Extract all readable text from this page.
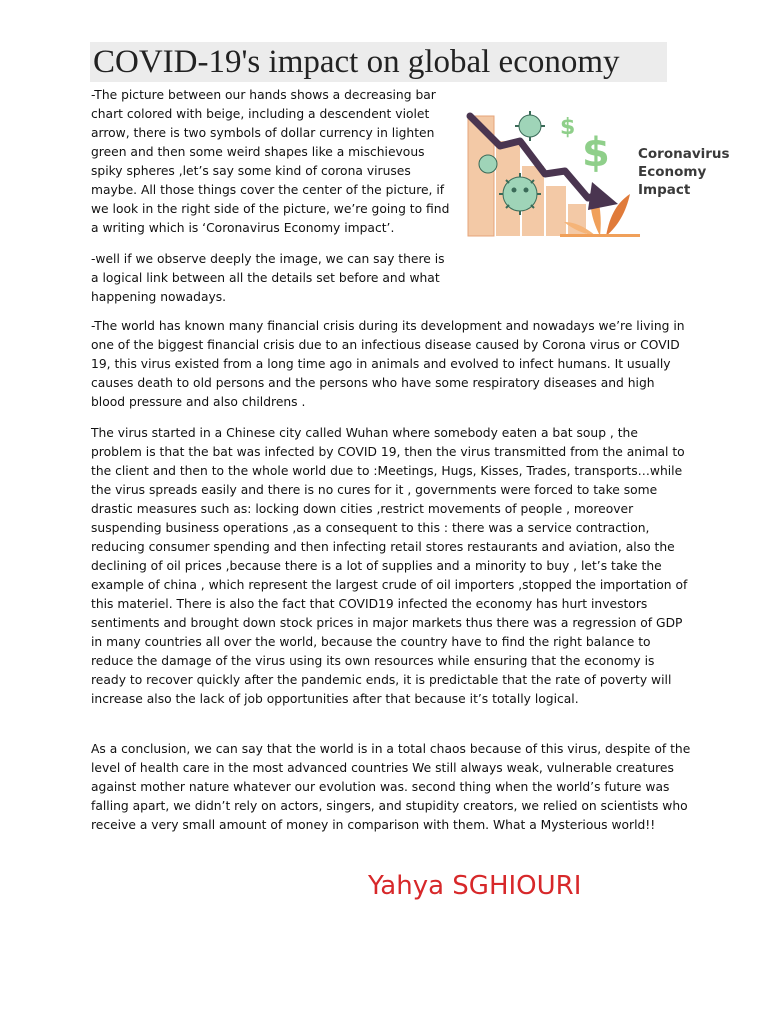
COVID-19's impact on global economy
$
$ Coronavirus
Economy
Impact

-The picture between our hands shows a decreasing bar chart colored with beige, including a descendent violet arrow, there is two symbols of dollar currency in lighten green and then some weird shapes like a mischievous spiky spheres ,let’s say some kind of corona viruses maybe. All those things cover the center of the picture, if we look in the right side of the picture, we’re going to find a writing which is ‘Coronavirus Economy impact’.

-well if we observe deeply the image, we can say there is a logical link between all the details set before and what happening nowadays.

-The world has known many financial crisis during its development and nowadays we’re living in one of the biggest financial crisis due to an infectious disease caused by Corona virus or COVID 19, this virus existed from a long time ago in animals and evolved to infect humans. It usually causes death to old persons and the persons who have some respiratory diseases and high blood pressure and also childrens .

The virus started in a Chinese city called Wuhan where somebody eaten a bat soup , the problem is that the bat was infected by COVID 19, then the virus transmitted from the animal to the client and then to the whole world due to :Meetings, Hugs, Kisses, Trades, transports…while the virus spreads easily and there is no cures for it , governments were forced to take some drastic measures such as: locking down cities ,restrict movements of people , moreover suspending business operations ,as a consequent to this : there was a service contraction, reducing consumer spending and then infecting retail stores restaurants and aviation, also the declining of oil prices ,because there is a lot of supplies and a minority to buy , let’s take the example of china , which represent the largest crude of oil importers ,stopped the importation of this materiel. There is also the fact that COVID19 infected the economy has hurt investors sentiments and brought down stock prices in major markets thus there was a regression of GDP in many countries all over the world, because the country have to find the right balance to reduce the damage of the virus using its own resources while ensuring that the economy is ready to recover quickly after the pandemic ends, it is predictable that the rate of poverty will increase also the lack of job opportunities after that because it’s totally logical.

As a conclusion, we can say that the world is in a total chaos because of this virus, despite of the level of health care in the most advanced countries We still always weak, vulnerable creatures against mother nature whatever our evolution was. second thing when the world’s future was falling apart, we didn’t rely on actors, singers, and stupidity creators, we relied on scientists who receive a very small amount of money in comparison with them. What a Mysterious world!!

Yahya SGHIOURI
